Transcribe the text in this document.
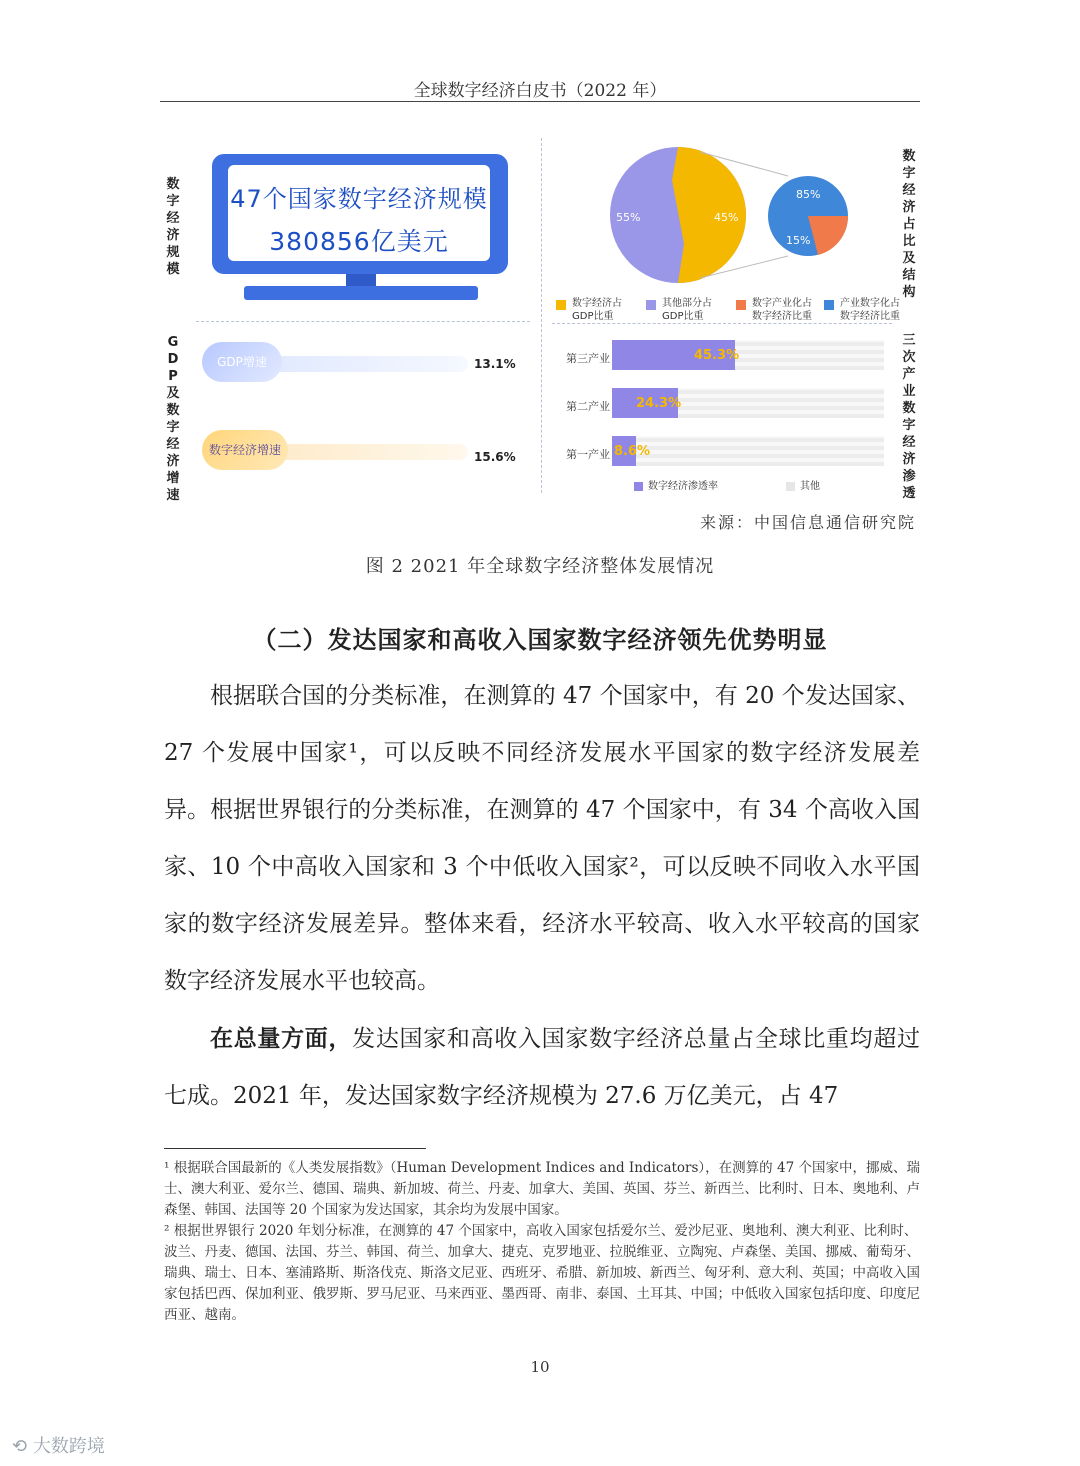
全球数字经济白皮书（2022 年）
数字经济规模
GDP及数字经济增速
数字经济占比及结构
三次产业数字经济渗透
47个国家数字经济规模
380856亿美元
GDP增速	13.1%
数字经济增速	15.6%
55%	45%
85%
15%
数字经济占GDP比重
其他部分占GDP比重
数字产业化占数字经济比重
产业数字化占数字经济比重
第三产业	45.3%
第二产业 24.3%
第一产业 8.6%
数字经济渗透率	其他
来源：中国信息通信研究院
图 2 2021 年全球数字经济整体发展情况
（二）发达国家和高收入国家数字经济领先优势明显
根据联合国的分类标准，在测算的 47 个国家中，有 20 个发达国家、27 个发展中国家¹，可以反映不同经济发展水平国家的数字经济发展差异。根据世界银行的分类标准，在测算的 47 个国家中，有 34 个高收入国家、10 个中高收入国家和 3 个中低收入国家²，可以反映不同收入水平国家的数字经济发展差异。整体来看，经济水平较高、收入水平较高的国家数字经济发展水平也较高。
在总量方面，发达国家和高收入国家数字经济总量占全球比重均超过七成。2021 年，发达国家数字经济规模为 27.6 万亿美元，占 47
¹ 根据联合国最新的《人类发展指数》（Human Development Indices and Indicators），在测算的 47 个国家中，挪威、瑞士、澳大利亚、爱尔兰、德国、瑞典、新加坡、荷兰、丹麦、加拿大、美国、英国、芬兰、新西兰、比利时、日本、奥地利、卢森堡、韩国、法国等 20 个国家为发达国家，其余均为发展中国家。
² 根据世界银行 2020 年划分标准，在测算的 47 个国家中，高收入国家包括爱尔兰、爱沙尼亚、奥地利、澳大利亚、比利时、波兰、丹麦、德国、法国、芬兰、韩国、荷兰、加拿大、捷克、克罗地亚、拉脱维亚、立陶宛、卢森堡、美国、挪威、葡萄牙、瑞典、瑞士、日本、塞浦路斯、斯洛伐克、斯洛文尼亚、西班牙、希腊、新加坡、新西兰、匈牙利、意大利、英国；中高收入国家包括巴西、保加利亚、俄罗斯、罗马尼亚、马来西亚、墨西哥、南非、泰国、土耳其、中国；中低收入国家包括印度、印度尼西亚、越南。
10
⟲ 大数跨境
